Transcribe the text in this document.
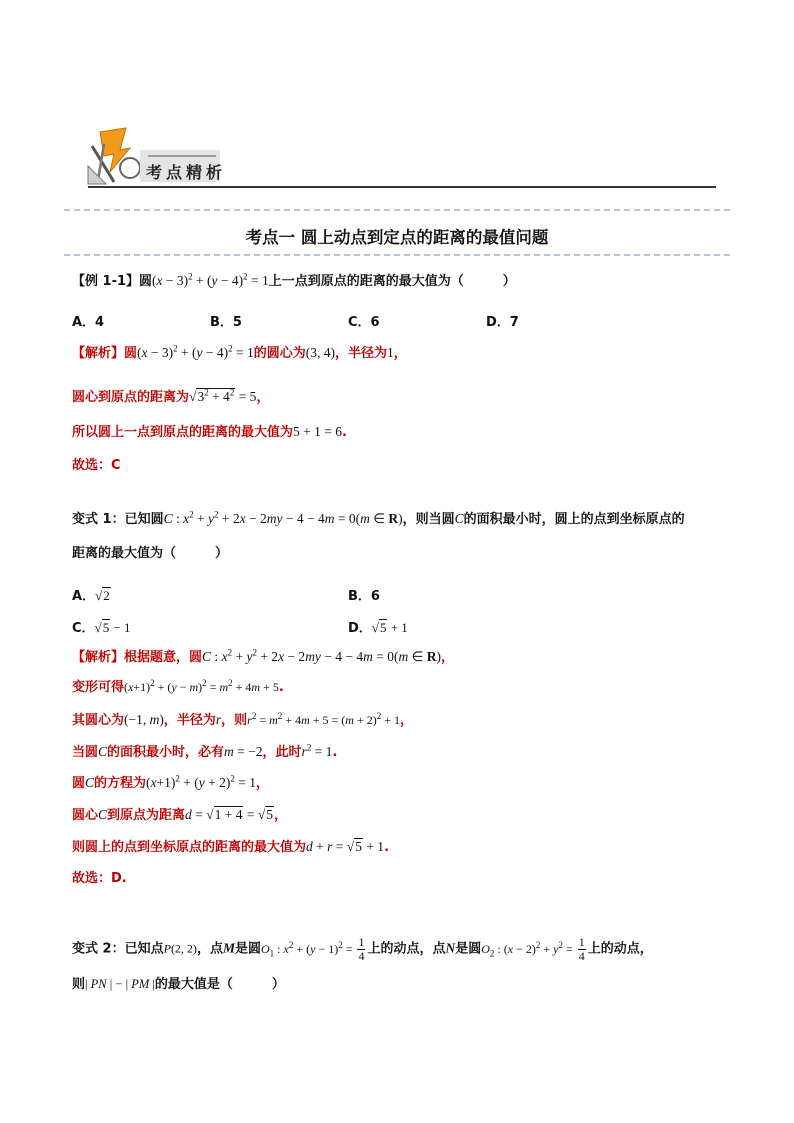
考点精析
考点一 圆上动点到定点的距离的最值问题
【例 1-1】圆$(x - 3)^2 + (y - 4)^2 = 1$上一点到原点的距离的最大值为（　　　）
A．4	B．5	C．6	D．7
【解析】圆$(x - 3)^2 + (y - 4)^2 = 1$的圆心为(3, 4)，半径为1，
圆心到原点的距离为$√3^2 + 4^2 = 5$，
所以圆上一点到原点的距离的最大值为5 + 1 = 6.
故选：C
变式 1：已知圆C : $x^2 + y^2 + 2x - 2my - 4 - 4m = 0(m$ ∈ R)，则当圆C的面积最小时，圆上的点到坐标原点的
距离的最大值为（　　　）
A．√2	B．6
C．√5 − 1	D．√5 + 1
【解析】根据题意，圆C : $x^2 + y^2 + 2x - 2my - 4 - 4m = 0(m$ ∈ R)，
变形可得$(x+1)^2 + (y - m)^2 = m^2 + 4m + 5$.
其圆心为(−1, m)，半径为r，则$r^2 = m^2 + 4m + 5 = (m + 2)^2 + 1$，
当圆C的面积最小时，必有m = −2，此时$r^2 = 1$.
圆C的方程为$(x+1)^2 + (y + 2)^2 = 1$，
圆心C到原点为距离d = √1 + 4 = √5，
则圆上的点到坐标原点的距离的最大值为d + r = √5 + 1.
故选：D.
变式 2：已知点P(2, 2)，点M是圆$O_1$ : $x^2 + (y - 1)^2 = \frac{1}{4}$ 上的动点，点N是圆$O_2$ : $(x - 2)^2 + y^2 = \frac{1}{4}$ 上的动点，
则| PN | − | PM |的最大值是（　　　）
